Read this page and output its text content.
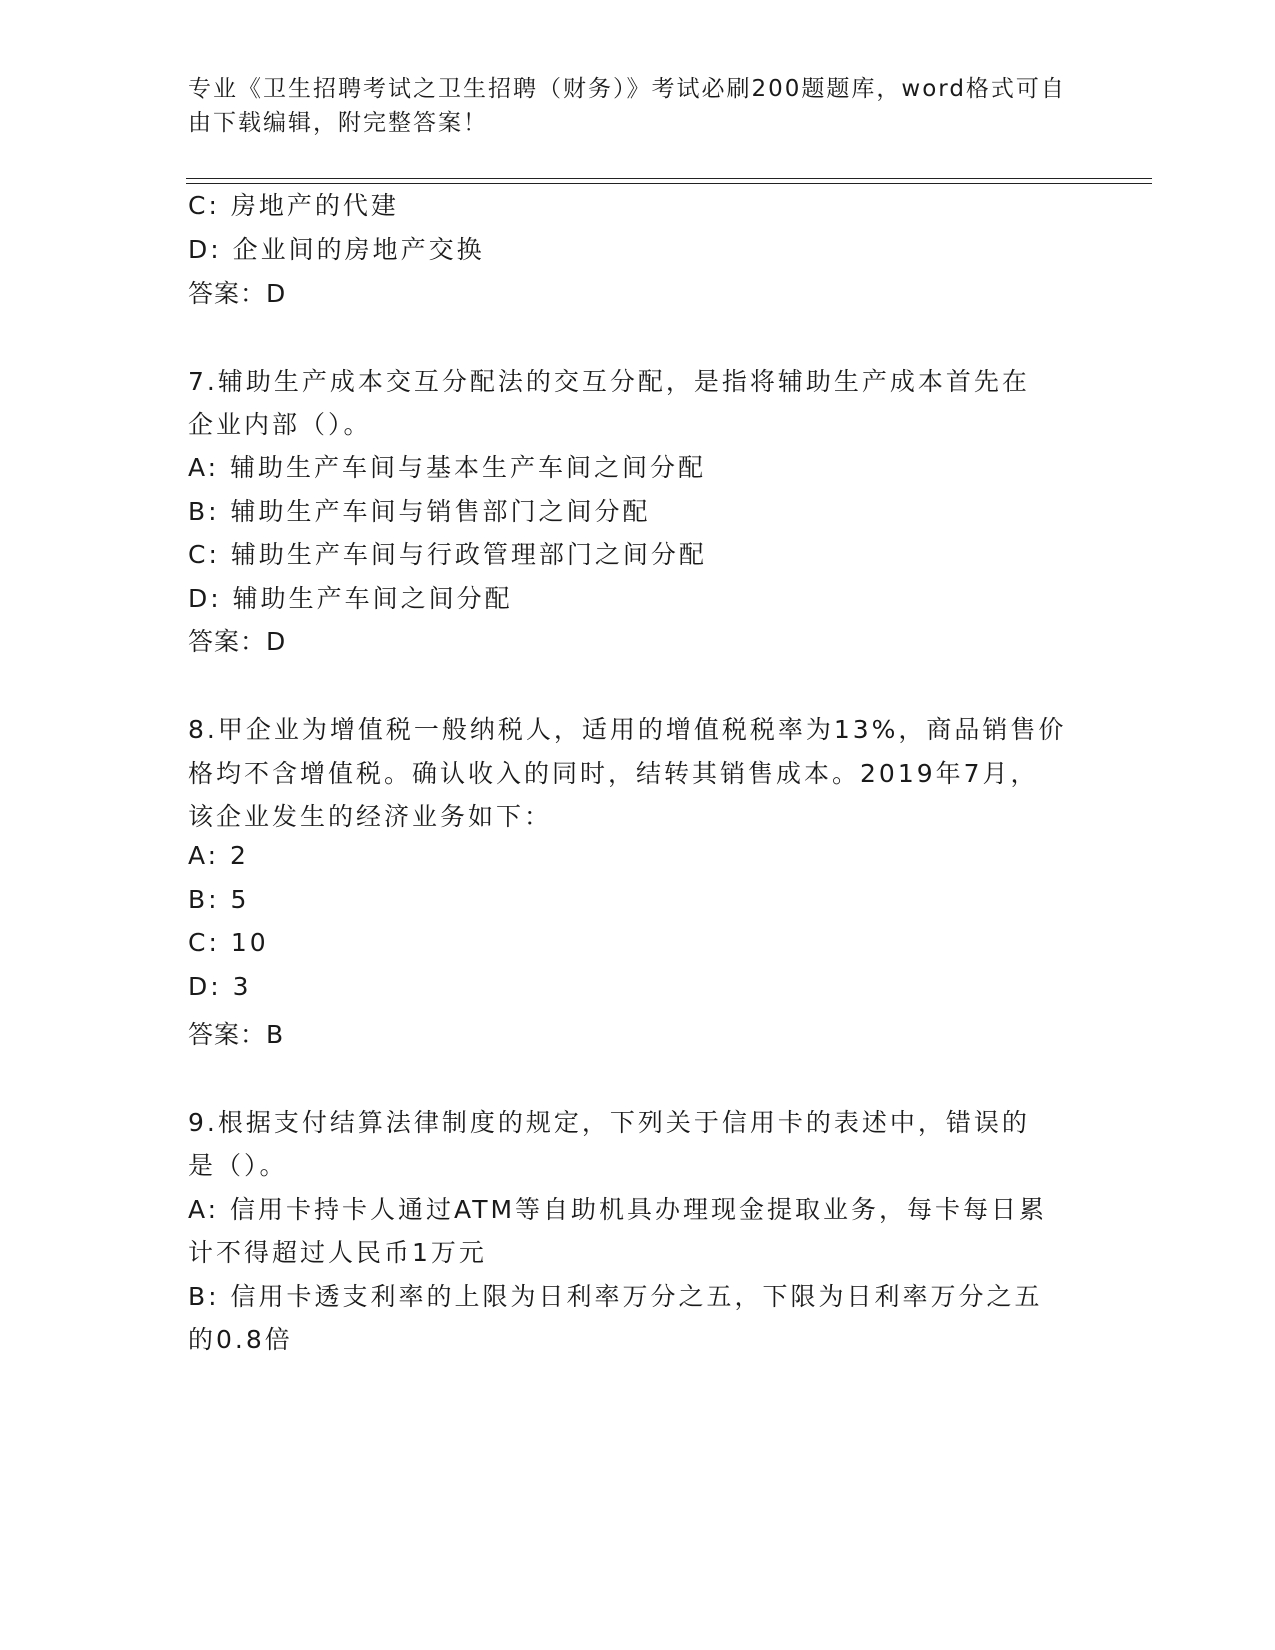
专业《卫生招聘考试之卫生招聘（财务）》考试必刷200题题库，word格式可自
由下载编辑，附完整答案！
C: 房地产的代建
D: 企业间的房地产交换
答案：D
7.辅助生产成本交互分配法的交互分配，是指将辅助生产成本首先在
企业内部（）。
A: 辅助生产车间与基本生产车间之间分配
B: 辅助生产车间与销售部门之间分配
C: 辅助生产车间与行政管理部门之间分配
D: 辅助生产车间之间分配
答案：D
8.甲企业为增值税一般纳税人，适用的增值税税率为13%，商品销售价
格均不含增值税。确认收入的同时，结转其销售成本。2019年7月，
该企业发生的经济业务如下：
A: 2
B: 5
C: 10
D: 3
答案：B
9.根据支付结算法律制度的规定，下列关于信用卡的表述中，错误的
是（）。
A: 信用卡持卡人通过ATM等自助机具办理现金提取业务，每卡每日累
计不得超过人民币1万元
B: 信用卡透支利率的上限为日利率万分之五，下限为日利率万分之五
的0.8倍
